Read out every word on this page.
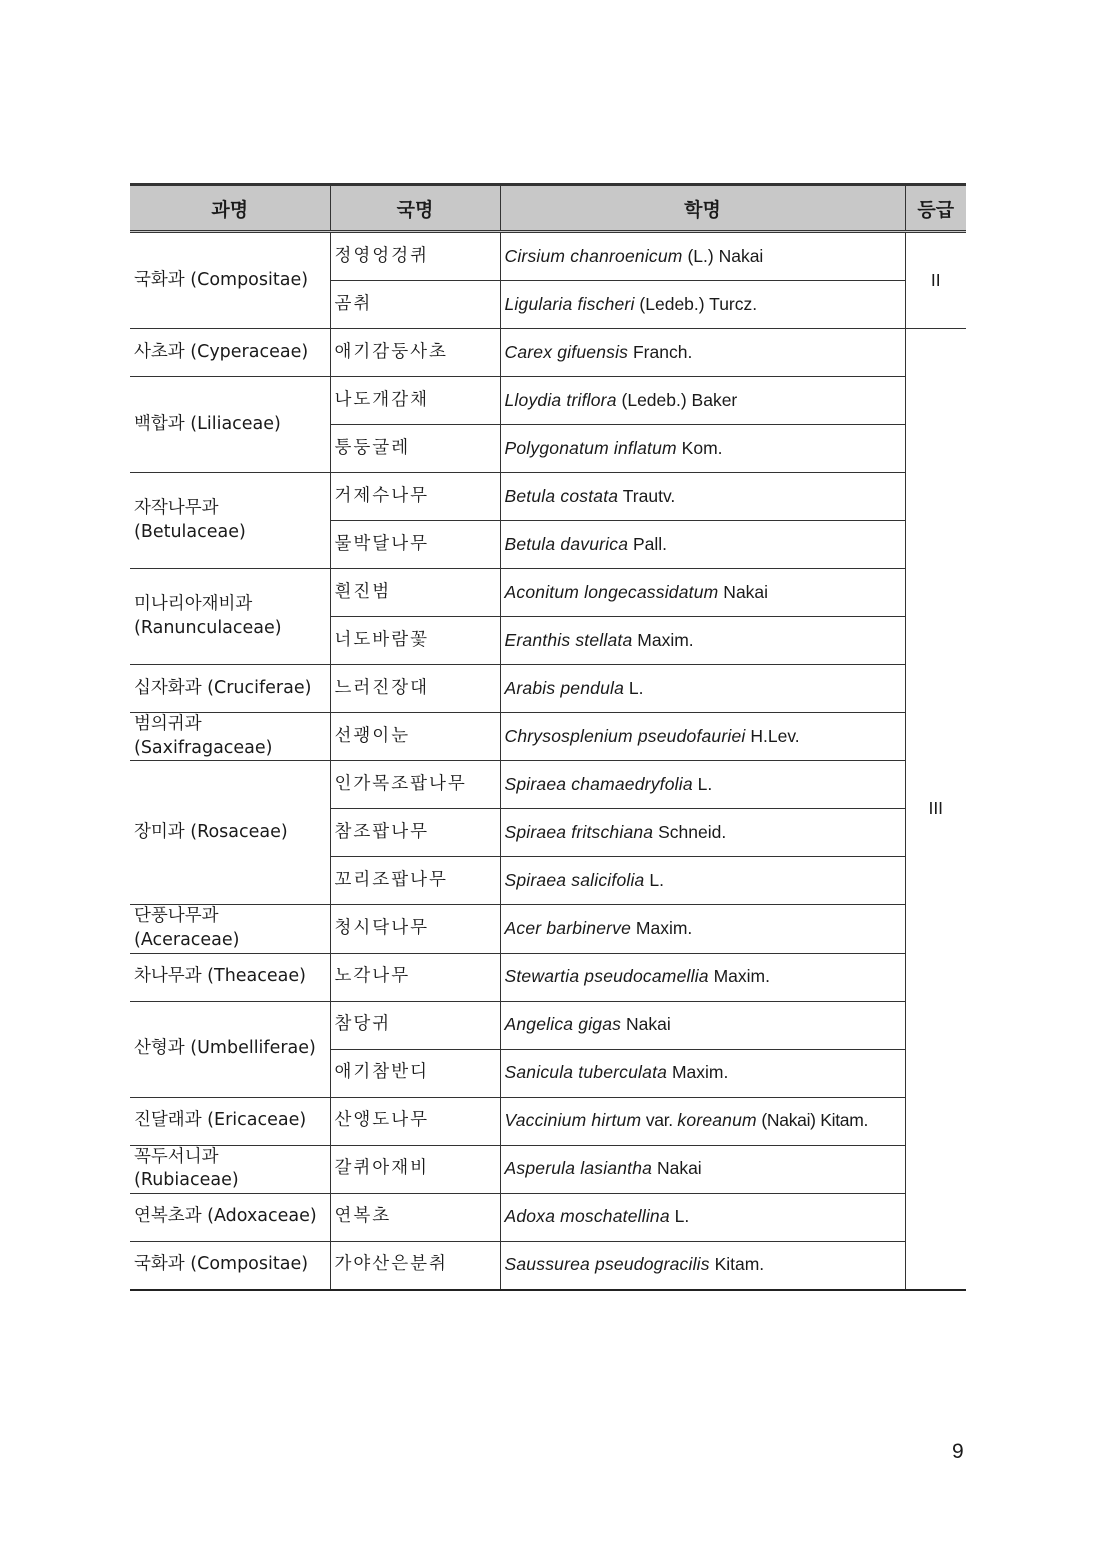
과명	국명	학명	등급
국화과 (Compositae)	정영엉겅퀴	Cirsium chanroenicum (L.) Nakai	II
	곰취	Ligularia fischeri (Ledeb.) Turcz.	
사초과 (Cyperaceae)	애기감둥사초	Carex gifuensis Franch.	III
백합과 (Liliaceae)	나도개감채	Lloydia triflora (Ledeb.) Baker	
	퉁둥굴레	Polygonatum inflatum Kom.	
자작나무과 (Betulaceae)	거제수나무	Betula costata Trautv.	
	물박달나무	Betula davurica Pall.	
미나리아재비과 (Ranunculaceae)	흰진범	Aconitum longecassidatum Nakai	
	너도바람꽃	Eranthis stellata Maxim.	
십자화과 (Cruciferae)	느러진장대	Arabis pendula L.	
범의귀과 (Saxifragaceae)	선괭이눈	Chrysosplenium pseudofauriei H.Lev.	
장미과 (Rosaceae)	인가목조팝나무	Spiraea chamaedryfolia L.	
	참조팝나무	Spiraea fritschiana Schneid.	
	꼬리조팝나무	Spiraea salicifolia L.	
단풍나무과 (Aceraceae)	청시닥나무	Acer barbinerve Maxim.	
차나무과 (Theaceae)	노각나무	Stewartia pseudocamellia Maxim.	
산형과 (Umbelliferae)	참당귀	Angelica gigas Nakai	
	애기참반디	Sanicula tuberculata Maxim.	
진달래과 (Ericaceae)	산앵도나무	Vaccinium hirtum var. koreanum (Nakai) Kitam.	
꼭두서니과 (Rubiaceae)	갈퀴아재비	Asperula lasiantha Nakai	
연복초과 (Adoxaceae)	연복초	Adoxa moschatellina L.	
국화과 (Compositae)	가야산은분취	Saussurea pseudogracilis Kitam.	
9
